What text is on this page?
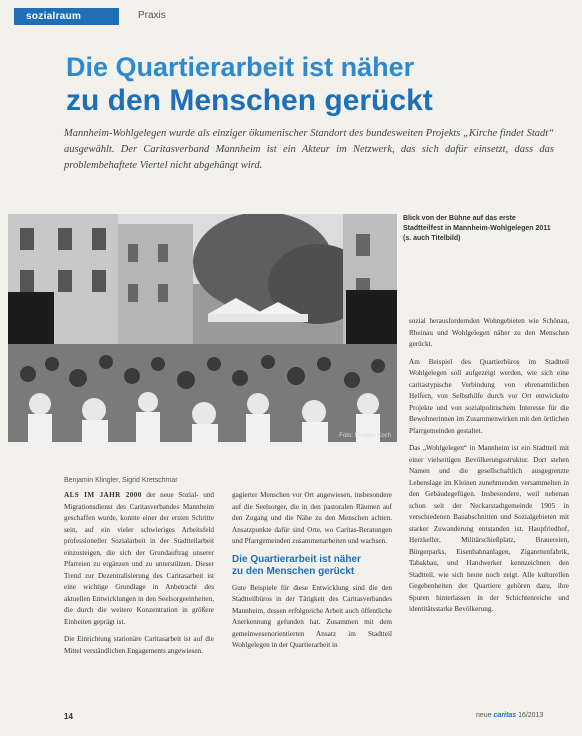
sozialraum	Praxis
Die Quartierarbeit ist näher
zu den Menschen gerückt

Mannheim-Wohlgelegen wurde als einziger ökumenischer Standort des bundesweiten Projekts „Kirche findet Stadt“ ausgewählt. Der Caritasverband Mannheim ist ein Akteur im Netzwerk, das sich dafür einsetzt, dass das problembehaftete Viertel nicht abgehängt wird.

Foto: Rüdiger Koch
Blick von der Bühne auf das erste Stadtteilfest in Mannheim-Wohlgelegen 2011 (s. auch Titelbild)
Benjamin Klingler, Sigrid Kretschmar

ALS IM JAHR 2000 der neue Sozial- und Migrationsdienst des Caritasverbandes Mannheim geschaffen wurde, konnte einer der ersten Schritte sein, auf ein vieler schwieriges Arbeitsfeld professioneller Sozialarbeit in der Stadtteilarbeit einzusteigen, die sich der Grundauftrag unserer Pfarreien zu ergänzen und zu unterstützen. Dieser Trend zur Dezentralisierung des Caritasarbeit ist eine wichtige Grundlage in Anbetracht des aktuellen Entwicklungen in den Seelsorgeeinheiten, die durch die weitere Konzentration in größere Einheiten geprägt ist.

Die Einrichtung stationäre Caritasarbeit ist auf die Mittel verständlichen Engagements angewiesen.

gagierter Menschen vor Ort angewiesen, insbesondere auf die Seelsorger, die in den pastoralen Räumen auf den Zugang und die Nähe zu den Menschen achten. Ansatzpunkte dafür sind Orte, wo Caritas-Beratungen und Pfarrgemeinden zusammenarbeiten und wachsen.

Die Quartierarbeit ist näher
zu den Menschen gerückt

Gute Beispiele für diese Entwicklung sind die den Stadtteilbüros in der Tätigkeit des Caritasverbandes Mannheim, dessen erfolgreiche Arbeit auch öffentliche Anerkennung gefunden hat. Zusammen mit dem gemeinwesenorientierten Ansatz im Stadtteil Wohlgelegen in der Quartierarbeit in

sozial herausfordernden Wohngebieten wie Schönau, Rheinau und Wohlgelegen näher zu den Menschen gerückt.

Am Beispiel des Quartierbüros im Stadtteil Wohlgelegen soll aufgezeigt werden, wie sich eine caritastypische Verbindung von ehrenamtlichen Helfern, von Selbsthilfe durch vor Ort entwickelte Projekte und von sozialpolitischem Interesse für die Bewohnerinnen im Zusammenwirken mit den örtlichen Pfarrgemeinden gestaltet.

Das „Wohlgelegen“ in Mannheim ist ein Stadtteil mit einer vielseitigen Bevölkerungsstruktur. Dort stehen Namen und die gesellschaftlich ausgegrenzte Lebenslage im Kleinen zunehmenden versammelten in den Gebäudegefügen. Insbesondere, weil nebenan schon seit der Neckarstadtgemeinde 1905 in verschiedenen Bauabschnitten und Sozialgebieten mit starker Zuwanderung entstanden ist. Haupfriedhof, Herzkeller, Militärschießplatz, Brauereien, Bürgerparks, Eisenbahnanlagen, Zigarettenfabrik, Tabakbau, und Handwerker kennzeichnen den Stadtteil, wie sich heute noch zeigt. Alle kulturellen Gegebenheiten der Quartiere gehören dazu, ihre Spuren hinterlassen in der Schichtenreiche und identitätsstarke Bevölkerung.

14	neue caritas 16/2013
